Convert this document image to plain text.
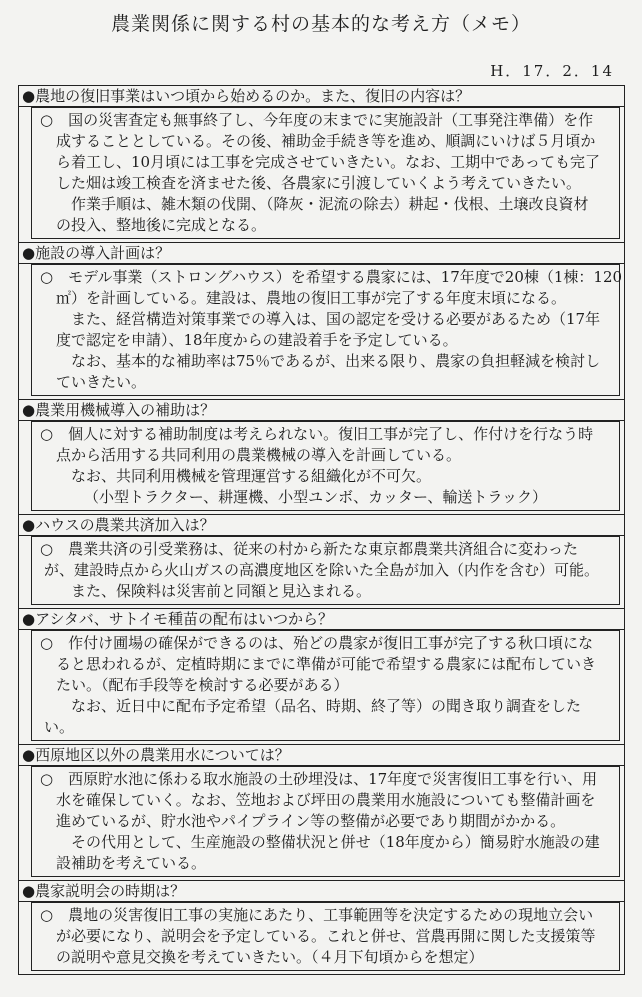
農業関係に関する村の基本的な考え方（メモ）
H．17．2．14
●農地の復旧事業はいつ頃から始めるのか。また、復旧の内容は？
○　国の災害査定も無事終了し、今年度の末までに実施設計（工事発注準備）を作
成することとしている。その後、補助金手続き等を進め、順調にいけば５月頃か
ら着工し、10月頃には工事を完成させていきたい。なお、工期中であっても完了
した畑は竣工検査を済ませた後、各農家に引渡していくよう考えていきたい。
　作業手順は、雑木類の伐開、（降灰・泥流の除去）耕起・伐根、土壌改良資材
の投入、整地後に完成となる。
●施設の導入計画は？
○　モデル事業（ストロングハウス）を希望する農家には、17年度で20棟（1棟：120
㎡）を計画している。建設は、農地の復旧工事が完了する年度末頃になる。
　また、経営構造対策事業での導入は、国の認定を受ける必要があるため（17年
度で認定を申請）、18年度からの建設着手を予定している。
　なお、基本的な補助率は75％であるが、出来る限り、農家の負担軽減を検討し
ていきたい。
●農業用機械導入の補助は？
○　個人に対する補助制度は考えられない。復旧工事が完了し、作付けを行なう時
点から活用する共同利用の農業機械の導入を計画している。
　なお、共同利用機械を管理運営する組織化が不可欠。
（小型トラクター、耕運機、小型ユンボ、カッター、輸送トラック）
●ハウスの農業共済加入は？
○　農業共済の引受業務は、従来の村から新たな東京都農業共済組合に変わった
が、建設時点から火山ガスの高濃度地区を除いた全島が加入（内作を含む）可能。
　また、保険料は災害前と同額と見込まれる。
●アシタバ、サトイモ種苗の配布はいつから？
○　作付け圃場の確保ができるのは、殆どの農家が復旧工事が完了する秋口頃にな
ると思われるが、定植時期にまでに準備が可能で希望する農家には配布していき
たい。（配布手段等を検討する必要がある）
　なお、近日中に配布予定希望（品名、時期、終了等）の聞き取り調査をした
い。
●西原地区以外の農業用水については？
○　西原貯水池に係わる取水施設の土砂埋没は、17年度で災害復旧工事を行い、用
水を確保していく。なお、笠地および坪田の農業用水施設についても整備計画を
進めているが、貯水池やパイプライン等の整備が必要であり期間がかかる。
　その代用として、生産施設の整備状況と併せ（18年度から）簡易貯水施設の建
設補助を考えている。
●農家説明会の時期は？
○　農地の災害復旧工事の実施にあたり、工事範囲等を決定するための現地立会い
が必要になり、説明会を予定している。これと併せ、営農再開に関した支援策等
の説明や意見交換を考えていきたい。（４月下旬頃からを想定）
